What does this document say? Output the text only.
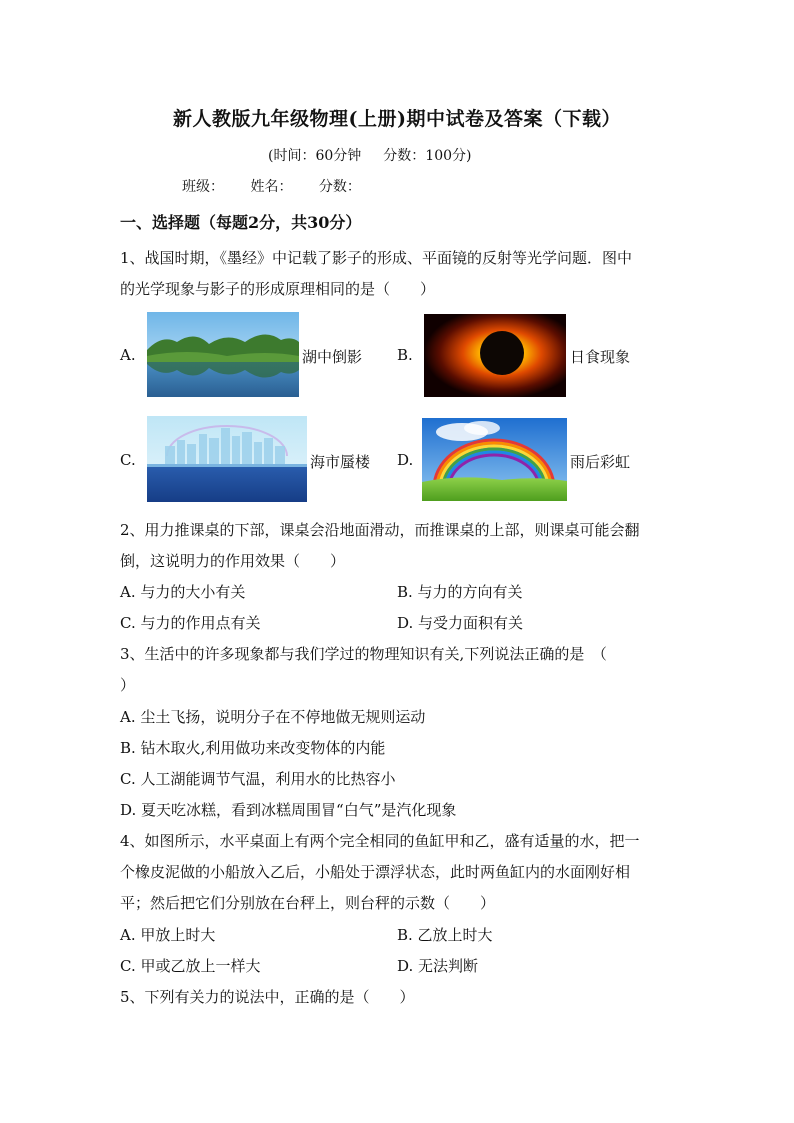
新人教版九年级物理(上册)期中试卷及答案（下载）
(时间：60分钟 分数：100分)
班级： 姓名： 分数：
一、选择题（每题2分，共30分）
1、战国时期，《墨经》中记载了影子的形成、平面镜的反射等光学问题．图中
的光学现象与影子的形成原理相同的是（　　）
A.	湖中倒影 B.	日食现象
C.	海市蜃楼 D.	雨后彩虹
2、用力推课桌的下部，课桌会沿地面滑动，而推课桌的上部，则课桌可能会翻
倒，这说明力的作用效果（　　）
A. 与力的大小有关	B. 与力的方向有关
C. 与力的作用点有关	D. 与受力面积有关
3、生活中的许多现象都与我们学过的物理知识有关,下列说法正确的是　（
）
A. 尘土飞扬，说明分子在不停地做无规则运动
B. 钻木取火,利用做功来改变物体的内能
C. 人工湖能调节气温，利用水的比热容小
D. 夏天吃冰糕，看到冰糕周围冒“白气”是汽化现象
4、如图所示，水平桌面上有两个完全相同的鱼缸甲和乙，盛有适量的水，把一
个橡皮泥做的小船放入乙后，小船处于漂浮状态，此时两鱼缸内的水面刚好相
平；然后把它们分别放在台秤上，则台秤的示数（　　）
A. 甲放上时大	B. 乙放上时大
C. 甲或乙放上一样大	D. 无法判断
5、下列有关力的说法中，正确的是（　　）
